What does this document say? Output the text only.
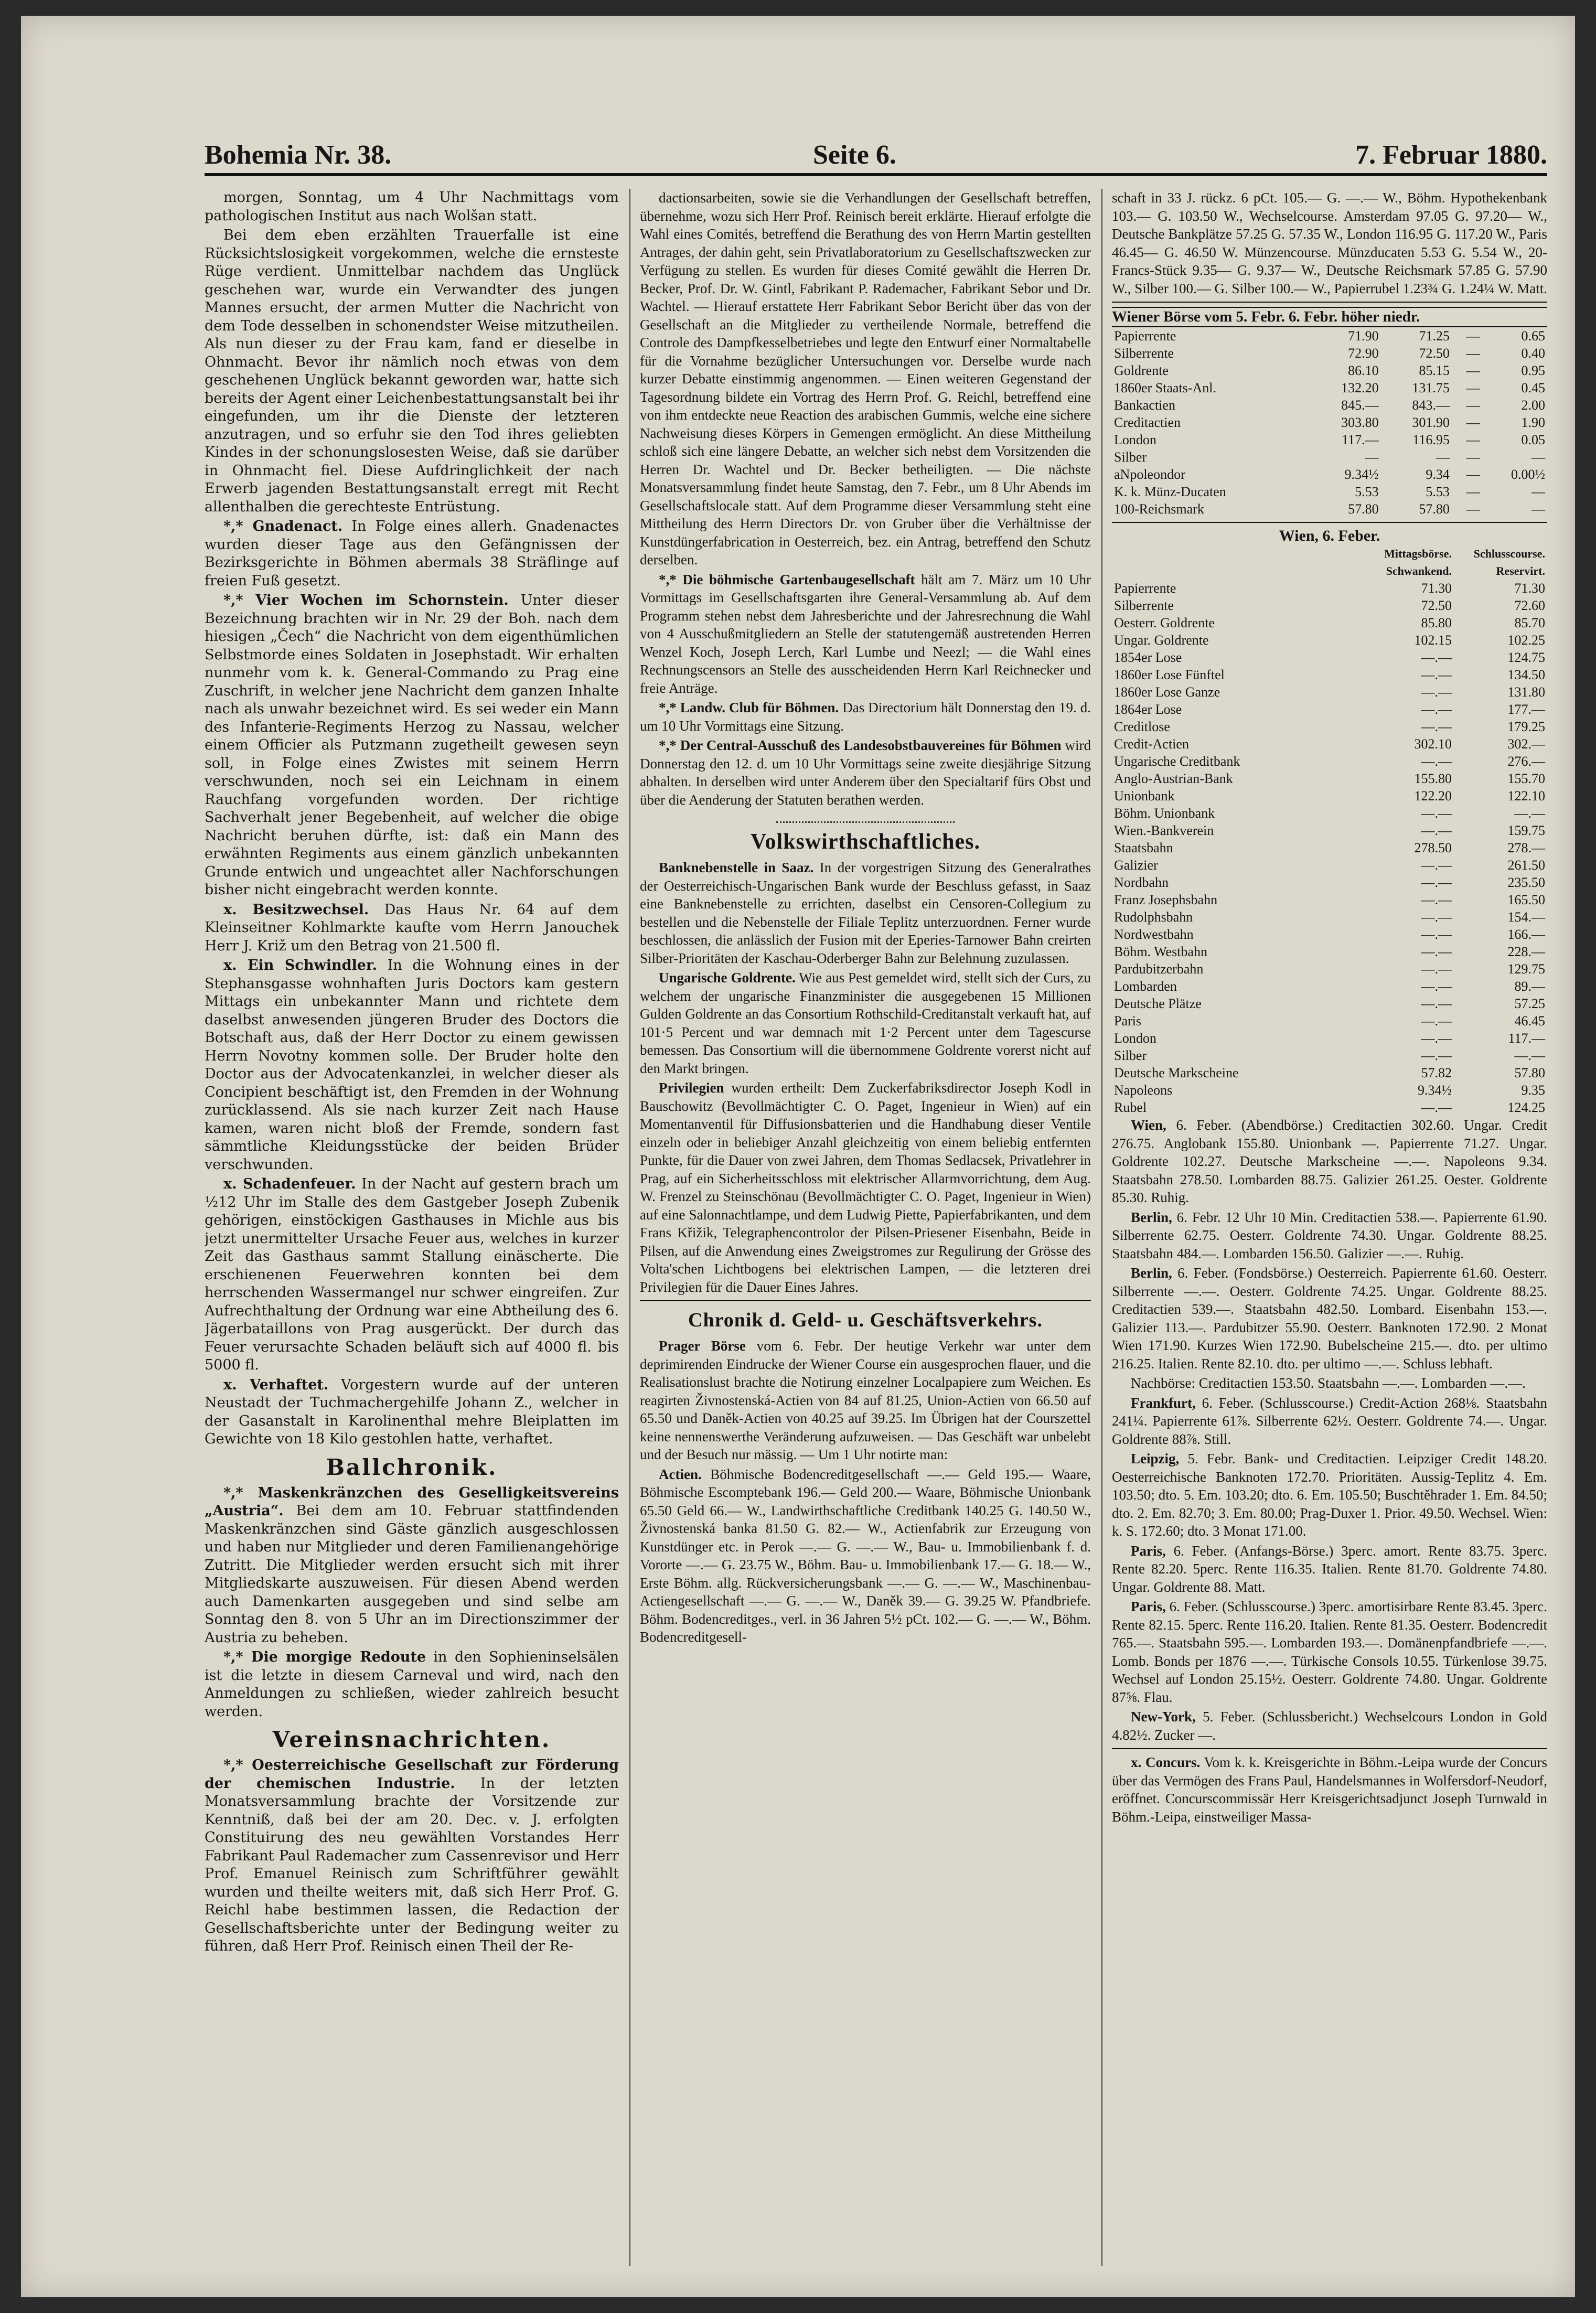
Bohemia Nr. 38.	Seite 6.	7. Februar 1880.

morgen, Sonntag, um 4 Uhr Nachmittags vom pathologischen Institut aus nach Wolšan statt.

Bei dem eben erzählten Trauerfalle ist eine Rücksichtslosigkeit vorgekommen, welche die ernsteste Rüge verdient. Unmittelbar nachdem das Unglück geschehen war, wurde ein Verwandter des jungen Mannes ersucht, der armen Mutter die Nachricht von dem Tode desselben in schonendster Weise mitzutheilen. Als nun dieser zu der Frau kam, fand er dieselbe in Ohnmacht. Bevor ihr nämlich noch etwas von dem geschehenen Unglück bekannt geworden war, hatte sich bereits der Agent einer Leichenbestattungsanstalt bei ihr eingefunden, um ihr die Dienste der letzteren anzutragen, und so erfuhr sie den Tod ihres geliebten Kindes in der schonungslosesten Weise, daß sie darüber in Ohnmacht fiel. Diese Aufdringlichkeit der nach Erwerb jagenden Bestattungsanstalt erregt mit Recht allenthalben die gerechteste Entrüstung.

*,* Gnadenact. In Folge eines allerh. Gnadenactes wurden dieser Tage aus den Gefängnissen der Bezirksgerichte in Böhmen abermals 38 Sträflinge auf freien Fuß gesetzt.

*,* Vier Wochen im Schornstein. Unter dieser Bezeichnung brachten wir in Nr. 29 der Boh. nach dem hiesigen „Čech“ die Nachricht von dem eigenthümlichen Selbstmorde eines Soldaten in Josephstadt. Wir erhalten nunmehr vom k. k. General-Commando zu Prag eine Zuschrift, in welcher jene Nachricht dem ganzen Inhalte nach als unwahr bezeichnet wird. Es sei weder ein Mann des Infanterie-Regiments Herzog zu Nassau, welcher einem Officier als Putzmann zugetheilt gewesen seyn soll, in Folge eines Zwistes mit seinem Herrn verschwunden, noch sei ein Leichnam in einem Rauchfang vorgefunden worden. Der richtige Sachverhalt jener Begebenheit, auf welcher die obige Nachricht beruhen dürfte, ist: daß ein Mann des erwähnten Regiments aus einem gänzlich unbekannten Grunde entwich und ungeachtet aller Nachforschungen bisher nicht eingebracht werden konnte.

x. Besitzwechsel. Das Haus Nr. 64 auf dem Kleinseitner Kohlmarkte kaufte vom Herrn Janouchek Herr J. Križ um den Betrag von 21.500 fl.

x. Ein Schwindler. In die Wohnung eines in der Stephansgasse wohnhaften Juris Doctors kam gestern Mittags ein unbekannter Mann und richtete dem daselbst anwesenden jüngeren Bruder des Doctors die Botschaft aus, daß der Herr Doctor zu einem gewissen Herrn Novotny kommen solle. Der Bruder holte den Doctor aus der Advocatenkanzlei, in welcher dieser als Concipient beschäftigt ist, den Fremden in der Wohnung zurücklassend. Als sie nach kurzer Zeit nach Hause kamen, waren nicht bloß der Fremde, sondern fast sämmtliche Kleidungsstücke der beiden Brüder verschwunden.

x. Schadenfeuer. In der Nacht auf gestern brach um ½12 Uhr im Stalle des dem Gastgeber Joseph Zubenik gehörigen, einstöckigen Gasthauses in Michle aus bis jetzt unermittelter Ursache Feuer aus, welches in kurzer Zeit das Gasthaus sammt Stallung einäscherte. Die erschienenen Feuerwehren konnten bei dem herrschenden Wassermangel nur schwer eingreifen. Zur Aufrechthaltung der Ordnung war eine Abtheilung des 6. Jägerbataillons von Prag ausgerückt. Der durch das Feuer verursachte Schaden beläuft sich auf 4000 fl. bis 5000 fl.

x. Verhaftet. Vorgestern wurde auf der unteren Neustadt der Tuchmachergehilfe Johann Z., welcher in der Gasanstalt in Karolinenthal mehre Bleiplatten im Gewichte von 18 Kilo gestohlen hatte, verhaftet.

Ballchronik.

*,* Maskenkränzchen des Geselligkeitsvereins „Austria“. Bei dem am 10. Februar stattfindenden Maskenkränzchen sind Gäste gänzlich ausgeschlossen und haben nur Mitglieder und deren Familienangehörige Zutritt. Die Mitglieder werden ersucht sich mit ihrer Mitgliedskarte auszuweisen. Für diesen Abend werden auch Damenkarten ausgegeben und sind selbe am Sonntag den 8. von 5 Uhr an im Directionszimmer der Austria zu beheben.

*,* Die morgige Redoute in den Sophieninselsälen ist die letzte in diesem Carneval und wird, nach den Anmeldungen zu schließen, wieder zahlreich besucht werden.

Vereinsnachrichten.

*,* Oesterreichische Gesellschaft zur Förderung der chemischen Industrie. In der letzten Monatsversammlung brachte der Vorsitzende zur Kenntniß, daß bei der am 20. Dec. v. J. erfolgten Constituirung des neu gewählten Vorstandes Herr Fabrikant Paul Rademacher zum Cassenrevisor und Herr Prof. Emanuel Reinisch zum Schriftführer gewählt wurden und theilte weiters mit, daß sich Herr Prof. G. Reichl habe bestimmen lassen, die Redaction der Gesellschaftsberichte unter der Bedingung weiter zu führen, daß Herr Prof. Reinisch einen Theil der Re-

dactionsarbeiten, sowie sie die Verhandlungen der Gesellschaft betreffen, übernehme, wozu sich Herr Prof. Reinisch bereit erklärte. Hierauf erfolgte die Wahl eines Comités, betreffend die Berathung des von Herrn Martin gestellten Antrages, der dahin geht, sein Privatlaboratorium zu Gesellschaftszwecken zur Verfügung zu stellen. Es wurden für dieses Comité gewählt die Herren Dr. Becker, Prof. Dr. W. Gintl, Fabrikant P. Rademacher, Fabrikant Sebor und Dr. Wachtel. — Hierauf erstattete Herr Fabrikant Sebor Bericht über das von der Gesellschaft an die Mitglieder zu vertheilende Normale, betreffend die Controle des Dampfkesselbetriebes und legte den Entwurf einer Normaltabelle für die Vornahme bezüglicher Untersuchungen vor. Derselbe wurde nach kurzer Debatte einstimmig angenommen. — Einen weiteren Gegenstand der Tagesordnung bildete ein Vortrag des Herrn Prof. G. Reichl, betreffend eine von ihm entdeckte neue Reaction des arabischen Gummis, welche eine sichere Nachweisung dieses Körpers in Gemengen ermöglicht. An diese Mittheilung schloß sich eine längere Debatte, an welcher sich nebst dem Vorsitzenden die Herren Dr. Wachtel und Dr. Becker betheiligten. — Die nächste Monatsversammlung findet heute Samstag, den 7. Febr., um 8 Uhr Abends im Gesellschaftslocale statt. Auf dem Programme dieser Versammlung steht eine Mittheilung des Herrn Directors Dr. von Gruber über die Verhältnisse der Kunstdüngerfabrication in Oesterreich, bez. ein Antrag, betreffend den Schutz derselben.

*,* Die böhmische Gartenbaugesellschaft hält am 7. März um 10 Uhr Vormittags im Gesellschaftsgarten ihre General-Versammlung ab. Auf dem Programm stehen nebst dem Jahresberichte und der Jahresrechnung die Wahl von 4 Ausschußmitgliedern an Stelle der statutengemäß austretenden Herren Wenzel Koch, Joseph Lerch, Karl Lumbe und Neezl; — die Wahl eines Rechnungscensors an Stelle des ausscheidenden Herrn Karl Reichnecker und freie Anträge.

*,* Landw. Club für Böhmen. Das Directorium hält Donnerstag den 19. d. um 10 Uhr Vormittags eine Sitzung.

*,* Der Central-Ausschuß des Landesobstbauvereines für Böhmen wird Donnerstag den 12. d. um 10 Uhr Vormittags seine zweite diesjährige Sitzung abhalten. In derselben wird unter Anderem über den Specialtarif fürs Obst und über die Aenderung der Statuten berathen werden.

Volkswirthschaftliches.

Banknebenstelle in Saaz. In der vorgestrigen Sitzung des Generalrathes der Oesterreichisch-Ungarischen Bank wurde der Beschluss gefasst, in Saaz eine Banknebenstelle zu errichten, daselbst ein Censoren-Collegium zu bestellen und die Nebenstelle der Filiale Teplitz unterzuordnen. Ferner wurde beschlossen, die anlässlich der Fusion mit der Eperies-Tarnower Bahn creirten Silber-Prioritäten der Kaschau-Oderberger Bahn zur Belehnung zuzulassen.

Ungarische Goldrente. Wie aus Pest gemeldet wird, stellt sich der Curs, zu welchem der ungarische Finanzminister die ausgegebenen 15 Millionen Gulden Goldrente an das Consortium Rothschild-Creditanstalt verkauft hat, auf 101·5 Percent und war demnach mit 1·2 Percent unter dem Tagescurse bemessen. Das Consortium will die übernommene Goldrente vorerst nicht auf den Markt bringen.

Privilegien wurden ertheilt: Dem Zuckerfabriksdirector Joseph Kodl in Bauschowitz (Bevollmächtigter C. O. Paget, Ingenieur in Wien) auf ein Momentanventil für Diffusionsbatterien und die Handhabung dieser Ventile einzeln oder in beliebiger Anzahl gleichzeitig von einem beliebig entfernten Punkte, für die Dauer von zwei Jahren, dem Thomas Sedlacsek, Privatlehrer in Prag, auf ein Sicherheitsschloss mit elektrischer Allarmvorrichtung, dem Aug. W. Frenzel zu Steinschönau (Bevollmächtigter C. O. Paget, Ingenieur in Wien) auf eine Salonnachtlampe, und dem Ludwig Piette, Papierfabrikanten, und dem Frans Křižik, Telegraphencontrolor der Pilsen-Priesener Eisenbahn, Beide in Pilsen, auf die Anwendung eines Zweigstromes zur Regulirung der Grösse des Volta'schen Lichtbogens bei elektrischen Lampen, — die letzteren drei Privilegien für die Dauer Eines Jahres.

Chronik d. Geld- u. Geschäftsverkehrs.

Prager Börse vom 6. Febr. Der heutige Verkehr war unter dem deprimirenden Eindrucke der Wiener Course ein ausgesprochen flauer, und die Realisationslust brachte die Notirung einzelner Localpapiere zum Weichen. Es reagirten Živnostenská-Actien von 84 auf 81.25, Union-Actien von 66.50 auf 65.50 und Daněk-Actien von 40.25 auf 39.25. Im Übrigen hat der Courszettel keine nennenswerthe Veränderung aufzuweisen. — Das Geschäft war unbelebt und der Besuch nur mässig. — Um 1 Uhr notirte man:

Actien. Böhmische Bodencreditgesellschaft —.— Geld 195.— Waare, Böhmische Escomptebank 196.— Geld 200.— Waare, Böhmische Unionbank 65.50 Geld 66.— W., Landwirthschaftliche Creditbank 140.25 G. 140.50 W., Živnostenská banka 81.50 G. 82.— W., Actienfabrik zur Erzeugung von Kunstdünger etc. in Perok —.— G. —.— W., Bau- u. Immobilienbank f. d. Vororte —.— G. 23.75 W., Böhm. Bau- u. Immobilienbank 17.— G. 18.— W., Erste Böhm. allg. Rückversicherungsbank —.— G. —.— W., Maschinenbau-Actiengesellschaft —.— G. —.— W., Daněk 39.— G. 39.25 W. Pfandbriefe. Böhm. Bodencreditges., verl. in 36 Jahren 5½ pCt. 102.— G. —.— W., Böhm. Bodencreditgesell-

schaft in 33 J. rückz. 6 pCt. 105.— G. —.— W., Böhm. Hypothekenbank 103.— G. 103.50 W., Wechselcourse. Amsterdam 97.05 G. 97.20— W., Deutsche Bankplätze 57.25 G. 57.35 W., London 116.95 G. 117.20 W., Paris 46.45— G. 46.50 W. Münzencourse. Münzducaten 5.53 G. 5.54 W., 20-Francs-Stück 9.35— G. 9.37— W., Deutsche Reichsmark 57.85 G. 57.90 W., Silber 100.— G. Silber 100.— W., Papierrubel 1.23¾ G. 1.24¼ W. Matt.

Wiener Börse vom 5. Febr. 6. Febr. höher niedr.
Papierrente	71.90	71.25	—	0.65
Silberrente	72.90	72.50	—	0.40
Goldrente	86.10	85.15	—	0.95
1860er Staats-Anl.	132.20	131.75	—	0.45
Bankactien	845.—	843.—	—	2.00
Creditactien	303.80	301.90	—	1.90
London	117.—	116.95	—	0.05
Silber	—	—	—	—
aNpoleondor	9.34½	9.34	—	0.00½
K. k. Münz-Ducaten	5.53	5.53	—	—
100-Reichsmark	57.80	57.80	—	—
Wien, 6. Feber.
	Mittagsbörse. Schwankend.	Schlusscourse. Reservirt.
Papierrente	71.30	71.30
Silberrente	72.50	72.60
Oesterr. Goldrente	85.80	85.70
Ungar. Goldrente	102.15	102.25
1854er Lose	—.—	124.75
1860er Lose Fünftel	—.—	134.50
1860er Lose Ganze	—.—	131.80
1864er Lose	—.—	177.—
Creditlose	—.—	179.25
Credit-Actien	302.10	302.—
Ungarische Creditbank	—.—	276.—
Anglo-Austrian-Bank	155.80	155.70
Unionbank	122.20	122.10
Böhm. Unionbank	—.—	—.—
Wien.-Bankverein	—.—	159.75
Staatsbahn	278.50	278.—
Galizier	—.—	261.50
Nordbahn	—.—	235.50
Franz Josephsbahn	—.—	165.50
Rudolphsbahn	—.—	154.—
Nordwestbahn	—.—	166.—
Böhm. Westbahn	—.—	228.—
Pardubitzerbahn	—.—	129.75
Lombarden	—.—	89.—
Deutsche Plätze	—.—	57.25
Paris	—.—	46.45
London	—.—	117.—
Silber	—.—	—.—
Deutsche Markscheine	57.82	57.80
Napoleons	9.34½	9.35
Rubel	—.—	124.25

Wien, 6. Feber. (Abendbörse.) Creditactien 302.60. Ungar. Credit 276.75. Anglobank 155.80. Unionbank —. Papierrente 71.27. Ungar. Goldrente 102.27. Deutsche Markscheine —.—. Napoleons 9.34. Staatsbahn 278.50. Lombarden 88.75. Galizier 261.25. Oester. Goldrente 85.30. Ruhig.

Berlin, 6. Febr. 12 Uhr 10 Min. Creditactien 538.—. Papierrente 61.90. Silberrente 62.75. Oesterr. Goldrente 74.30. Ungar. Goldrente 88.25. Staatsbahn 484.—. Lombarden 156.50. Galizier —.—. Ruhig.

Berlin, 6. Feber. (Fondsbörse.) Oesterreich. Papierrente 61.60. Oesterr. Silberrente —.—. Oesterr. Goldrente 74.25. Ungar. Goldrente 88.25. Creditactien 539.—. Staatsbahn 482.50. Lombard. Eisenbahn 153.—. Galizier 113.—. Pardubitzer 55.90. Oesterr. Banknoten 172.90. 2 Monat Wien 171.90. Kurzes Wien 172.90. Bubelscheine 215.—. dto. per ultimo 216.25. Italien. Rente 82.10. dto. per ultimo —.—. Schluss lebhaft.

Nachbörse: Creditactien 153.50. Staatsbahn —.—. Lombarden —.—.

Frankfurt, 6. Feber. (Schlusscourse.) Credit-Action 268⅛. Staatsbahn 241¼. Papierrente 61⅞. Silberrente 62½. Oesterr. Goldrente 74.—. Ungar. Goldrente 88⅞. Still.

Leipzig, 5. Febr. Bank- und Creditactien. Leipziger Credit 148.20. Oesterreichische Banknoten 172.70. Prioritäten. Aussig-Teplitz 4. Em. 103.50; dto. 5. Em. 103.20; dto. 6. Em. 105.50; Buschtěhrader 1. Em. 84.50; dto. 2. Em. 82.70; 3. Em. 80.00; Prag-Duxer 1. Prior. 49.50. Wechsel. Wien: k. S. 172.60; dto. 3 Monat 171.00.

Paris, 6. Feber. (Anfangs-Börse.) 3perc. amort. Rente 83.75. 3perc. Rente 82.20. 5perc. Rente 116.35. Italien. Rente 81.70. Goldrente 74.80. Ungar. Goldrente 88. Matt.

Paris, 6. Feber. (Schlusscourse.) 3perc. amortisirbare Rente 83.45. 3perc. Rente 82.15. 5perc. Rente 116.20. Italien. Rente 81.35. Oesterr. Bodencredit 765.—. Staatsbahn 595.—. Lombarden 193.—. Domänenpfandbriefe —.—. Lomb. Bonds per 1876 —.—. Türkische Consols 10.55. Türkenlose 39.75. Wechsel auf London 25.15½. Oesterr. Goldrente 74.80. Ungar. Goldrente 87⅝. Flau.

New-York, 5. Feber. (Schlussbericht.) Wechselcours London in Gold 4.82½. Zucker —.

x. Concurs. Vom k. k. Kreisgerichte in Böhm.-Leipa wurde der Concurs über das Vermögen des Frans Paul, Handelsmannes in Wolfersdorf-Neudorf, eröffnet. Concurscommissär Herr Kreisgerichtsadjunct Joseph Turnwald in Böhm.-Leipa, einstweiliger Massa-
